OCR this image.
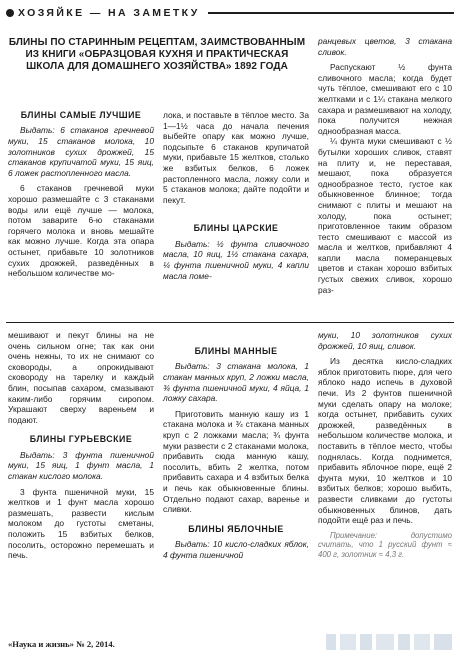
ХОЗЯЙКЕ — НА ЗАМЕТКУ
БЛИНЫ ПО СТАРИННЫМ РЕЦЕПТАМ, ЗАИМСТВОВАННЫМ ИЗ КНИГИ «ОБРАЗЦОВАЯ КУХНЯ И ПРАКТИЧЕСКАЯ ШКОЛА ДЛЯ ДОМАШНЕГО ХОЗЯЙСТВА» 1892 ГОДА

БЛИНЫ САМЫЕ ЛУЧШИЕ

Выдать: 6 стаканов гречневой муки, 15 стаканов молока, 10 золотников сухих дрожжей, 15 стаканов крупичатой муки, 15 яиц, 6 ложек растопленного масла.

6 стаканов гречневой муки хорошо размешайте с 3 стаканами воды или ещё лучше — молока, потом заварите 6-ю стаканами горячего молока и вновь мешайте как можно лучше. Когда эта опара остынет, прибавьте 10 золотников сухих дрожжей, разведённых в небольшом количестве мо-

лока, и поставьте в тёплое место. За 1—1½ часа до начала печения выбейте опару как можно лучше, подсыпьте 6 стаканов крупичатой муки, прибавьте 15 желтков, столько же взбитых белков, 6 ложек растопленного масла, ложку соли и 5 стаканов молока; дайте подойти и пекут.

БЛИНЫ ЦАРСКИЕ

Выдать: ½ фунта сливочного масла, 10 яиц, 1½ стакана сахара, ¼ фунта пшеничной муки, 4 капли масла поме-

ранцевых цветов, 3 стакана сливок.

Распускают ½ фунта сливочного масла; когда будет чуть тёплое, смешивают его с 10 желтками и с 1¼ стакана мелкого сахара и размешивают на холоду, пока получится нежная однообразная масса.

¼ фунта муки смешивают с ½ бутылки хороших сливок, ставят на плиту и, не переставая, мешают, пока образуется однообразное тесто, густое как обыкновенное блинное; тогда снимают с плиты и мешают на холоду, пока остынет; приготовленное таким образом тесто смешивают с массой из масла и желтков, прибавляют 4 капли масла померанцевых цветов и стакан хорошо взбитых густых свежих сливок, хорошо раз-

мешивают и пекут блины на не очень сильном огне; так как они очень нежны, то их не снимают со сковороды, а опрокидывают сковороду на тарелку и каждый блин, посыпав сахаром, смазывают каким-либо горячим сиропом. Украшают сверху вареньем и подают.

БЛИНЫ ГУРЬЕВСКИЕ

Выдать: 3 фунта пшеничной муки, 15 яиц, 1 фунт масла, 1 стакан кислого молока.

3 фунта пшеничной муки, 15 желтков и 1 фунт масла хорошо размешать, развести кислым молоком до густоты сметаны, положить 15 взбитых белков, посолить, осторожно перемешать и печь.

БЛИНЫ МАННЫЕ

Выдать: 3 стакана молока, 1 стакан манных круп, 2 ложки масла, ¾ фунта пшеничной муки, 4 яйца, 1 ложку сахара.

Приготовить манную кашу из 1 стакана молока и ¾ стакана манных круп с 2 ложками масла; ¾ фунта муки развести с 2 стаканами молока, прибавить сюда манную кашу, посолить, вбить 2 желтка, потом прибавить сахара и 4 взбитых белка и печь как обыкновенные блины. Отдельно подают сахар, варенье и сливки.

БЛИНЫ ЯБЛОЧНЫЕ

Выдать: 10 кисло-сладких яблок, 4 фунта пшеничной

муки, 10 золотников сухих дрожжей, 10 яиц, сливок.

Из десятка кисло-сладких яблок приготовить пюре, для чего яблоко надо испечь в духовой печи. Из 2 фунтов пшеничной муки сделать опару на молоке; когда остынет, прибавить сухих дрожжей, разведённых в небольшом количестве молока, и поставить в тёплое место, чтобы поднялась. Когда поднимется, прибавить яблочное пюре, ещё 2 фунта муки, 10 желтков и 10 взбитых белков; хорошо выбить, развести сливками до густоты обыкновенных блинов, дать подойти ещё раз и печь.

Примечание: допустимо считать, что 1 русский фунт ≈ 400 г, золотник ≈ 4,3 г.

«Наука и жизнь» № 2, 2014.
